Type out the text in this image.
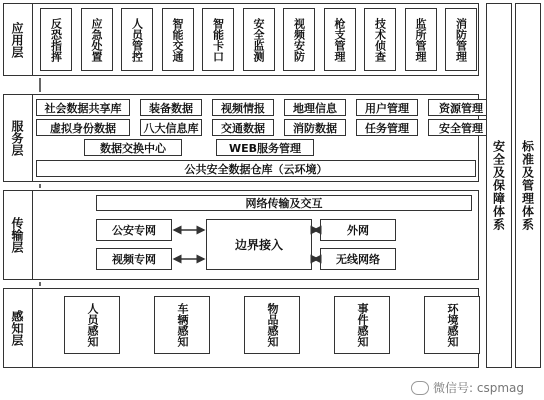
应用层	反恐指挥	应急处置	人员管控	智能交通	智能卡口	安全监测	视频安防	枪支管理	技术侦查	监所管理	消防管理
服务层
社会数据共享库	装备数据	视频情报	地理信息	用户管理	资源管理
虚拟身份数据	八大信息库	交通数据	消防数据	任务管理	安全管理
数据交换中心	WEB服务管理
公共安全数据仓库（云环境）
传输层
网络传输及交互
公安专网
视频专网
边界接入
外网
无线网络
感知层	人员感知	车辆感知	物品感知	事件感知	环境感知
安全及保障体系	标准及管理体系
微信号: cspmag
